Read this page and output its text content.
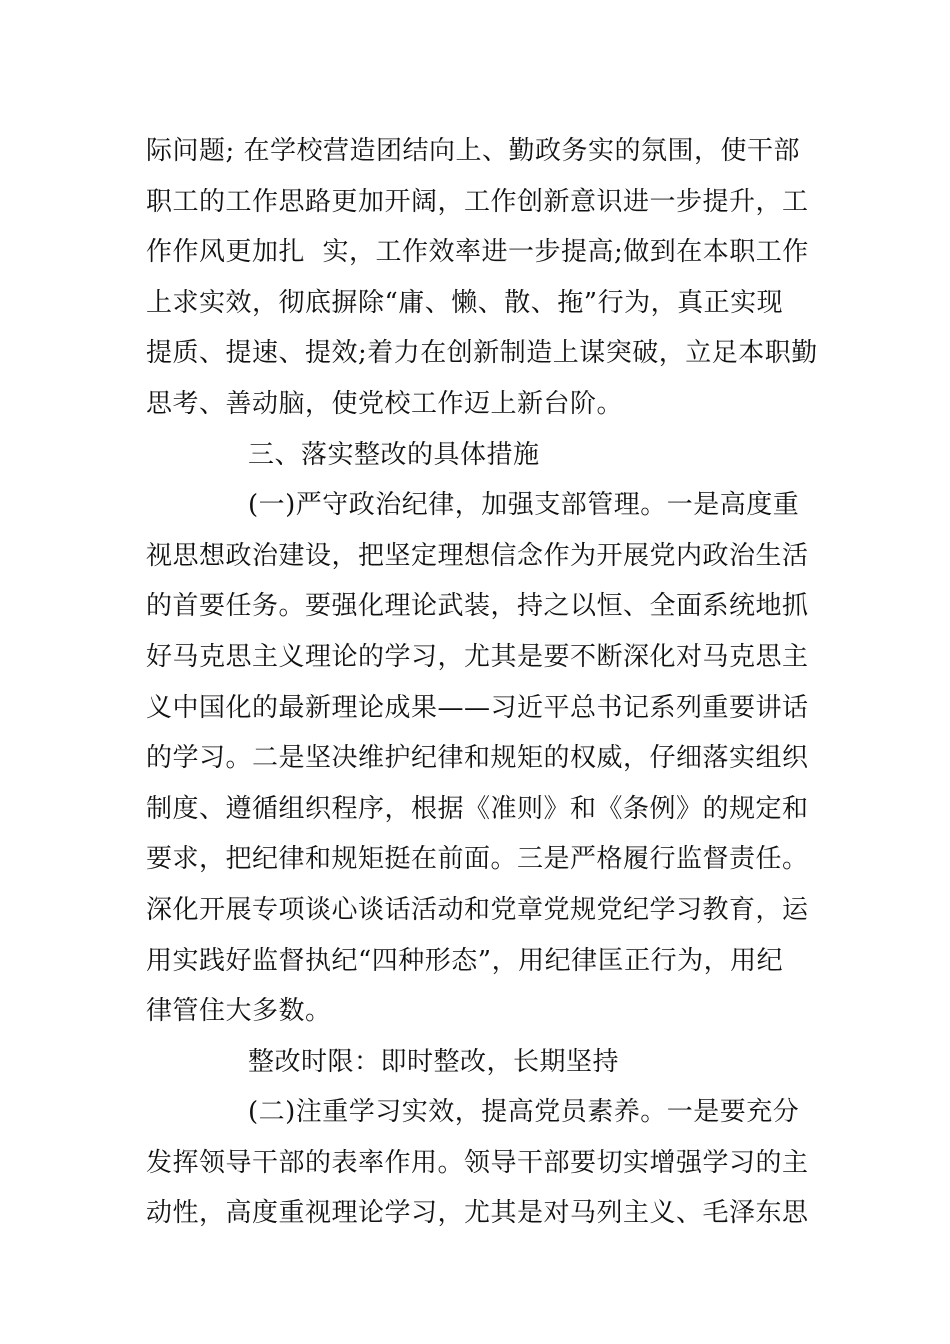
际问题; 在学校营造团结向上、勤政务实的氛围，使干部
职工的工作思路更加开阔，工作创新意识进一步提升，工
作作风更加扎  实，工作效率进一步提高;做到在本职工作
上求实效，彻底摒除“庸、懒、散、拖”行为，真正实现
提质、提速、提效;着力在创新制造上谋突破，立足本职勤
思考、善动脑，使党校工作迈上新台阶。
三、落实整改的具体措施
(一)严守政治纪律，加强支部管理。一是高度重
视思想政治建设，把坚定理想信念作为开展党内政治生活
的首要任务。要强化理论武装，持之以恒、全面系统地抓
好马克思主义理论的学习，尤其是要不断深化对马克思主
义中国化的最新理论成果——习近平总书记系列重要讲话
的学习。二是坚决维护纪律和规矩的权威，仔细落实组织
制度、遵循组织程序，根据《准则》和《条例》的规定和
要求，把纪律和规矩挺在前面。三是严格履行监督责任。
深化开展专项谈心谈话活动和党章党规党纪学习教育，运
用实践好监督执纪“四种形态”，用纪律匡正行为，用纪
律管住大多数。
整改时限：即时整改，长期坚持
(二)注重学习实效，提高党员素养。一是要充分
发挥领导干部的表率作用。领导干部要切实增强学习的主
动性，高度重视理论学习，尤其是对马列主义、毛泽东思
